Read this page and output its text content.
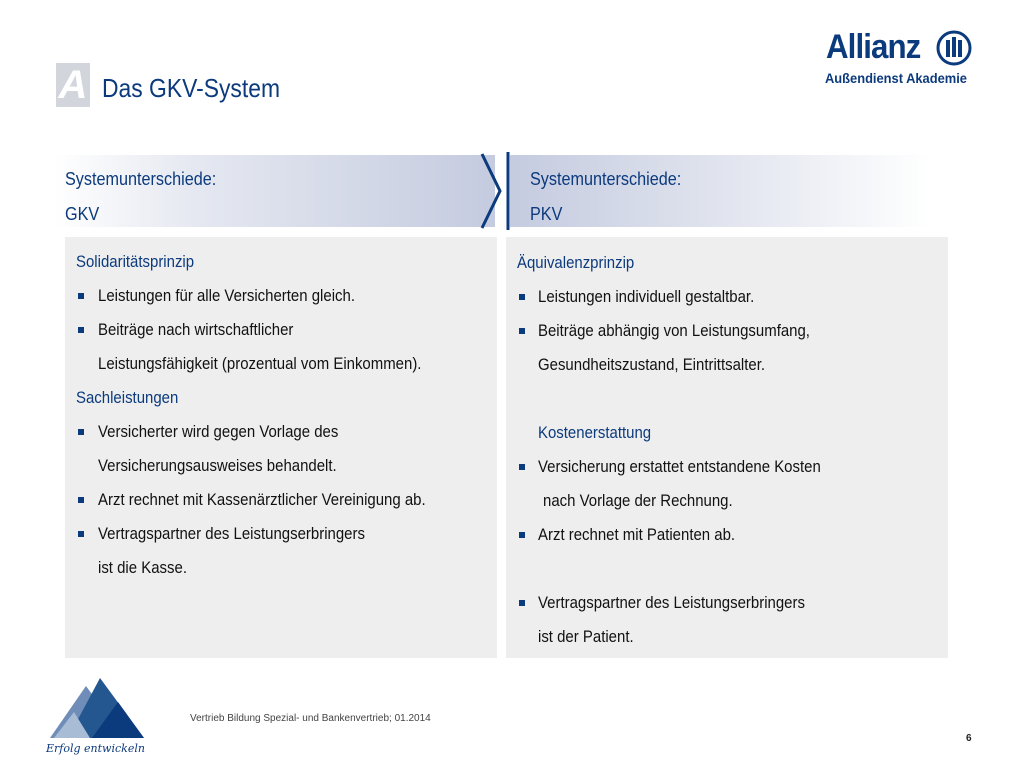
A Das GKV-System
Allianz
Außendienst Akademie
Systemunterschiede:
GKV
Systemunterschiede:
PKV
Solidaritätsprinzip
Leistungen für alle Versicherten gleich.
Beiträge nach wirtschaftlicher
Leistungsfähigkeit (prozentual vom Einkommen).
Sachleistungen
Versicherter wird gegen Vorlage des
Versicherungsausweises behandelt.
Arzt rechnet mit Kassenärztlicher Vereinigung ab.
Vertragspartner des Leistungserbringers
ist die Kasse.
Äquivalenzprinzip
Leistungen individuell gestaltbar.
Beiträge abhängig von Leistungsumfang,
Gesundheitszustand, Eintrittsalter.
Kostenerstattung
Versicherung erstattet entstandene Kosten
nach Vorlage der Rechnung.
Arzt rechnet mit Patienten ab.
Vertragspartner des Leistungserbringers
ist der Patient.
Erfolg entwickeln
Vertrieb Bildung Spezial- und Bankenvertrieb; 01.2014
6
